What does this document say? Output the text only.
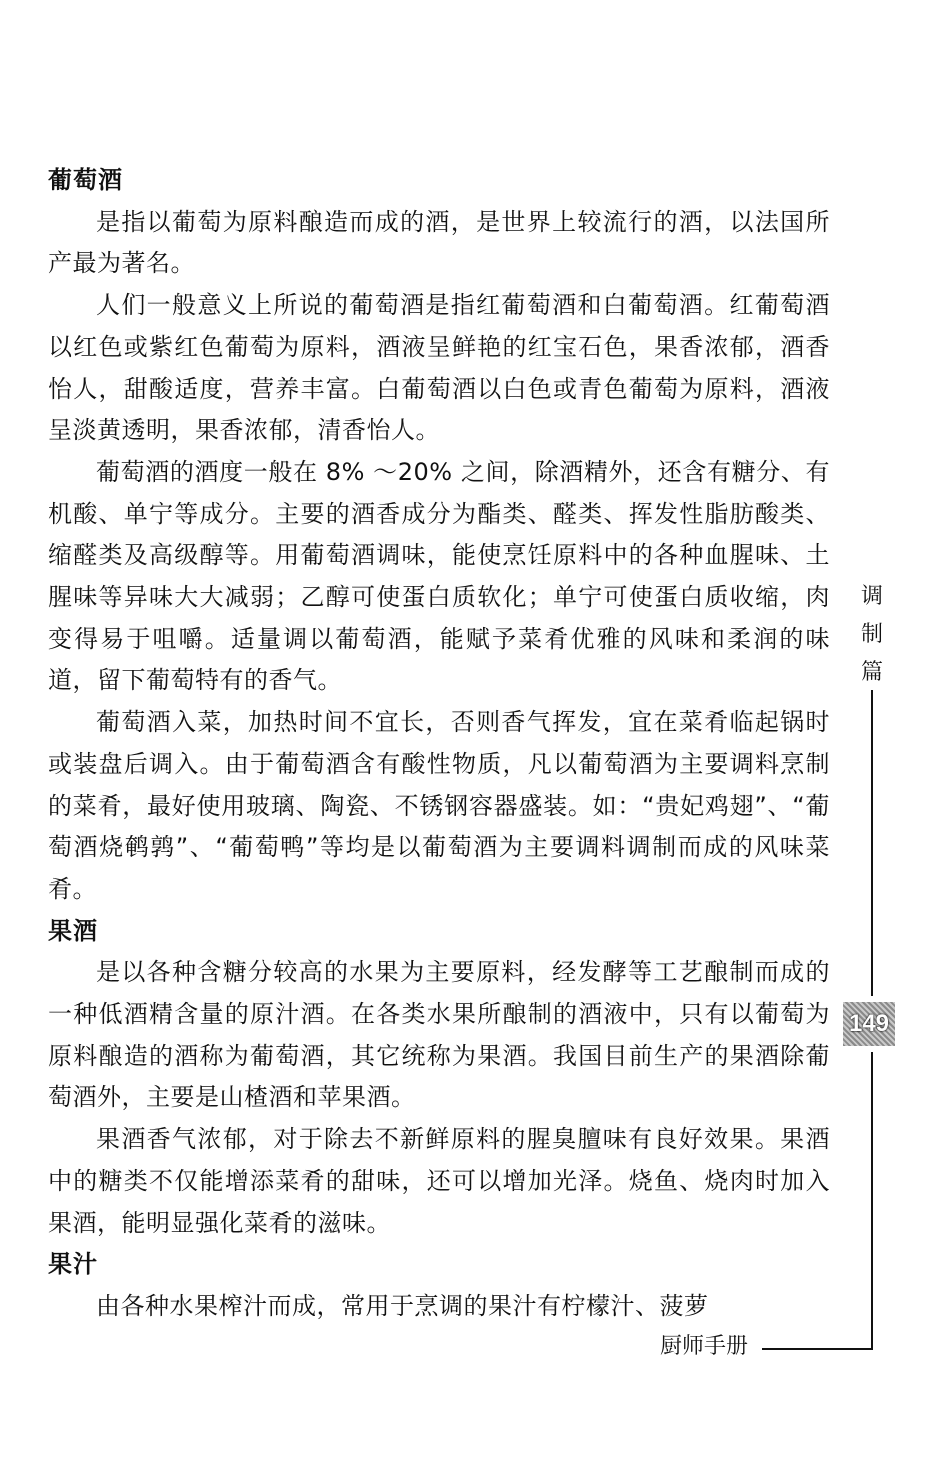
葡萄酒

是指以葡萄为原料酿造而成的酒，是世界上较流行的酒，以法国所产最为著名。

人们一般意义上所说的葡萄酒是指红葡萄酒和白葡萄酒。红葡萄酒以红色或紫红色葡萄为原料，酒液呈鲜艳的红宝石色，果香浓郁，酒香怡人，甜酸适度，营养丰富。白葡萄酒以白色或青色葡萄为原料，酒液呈淡黄透明，果香浓郁，清香怡人。

葡萄酒的酒度一般在 8% ～20% 之间，除酒精外，还含有糖分、有机酸、单宁等成分。主要的酒香成分为酯类、醛类、挥发性脂肪酸类、缩醛类及高级醇等。用葡萄酒调味，能使烹饪原料中的各种血腥味、土腥味等异味大大减弱；乙醇可使蛋白质软化；单宁可使蛋白质收缩，肉变得易于咀嚼。适量调以葡萄酒，能赋予菜肴优雅的风味和柔润的味道，留下葡萄特有的香气。

葡萄酒入菜，加热时间不宜长，否则香气挥发，宜在菜肴临起锅时或装盘后调入。由于葡萄酒含有酸性物质，凡以葡萄酒为主要调料烹制的菜肴，最好使用玻璃、陶瓷、不锈钢容器盛装。如：“贵妃鸡翅”、“葡萄酒烧鹌鹑”、“葡萄鸭”等均是以葡萄酒为主要调料调制而成的风味菜肴。

果酒

是以各种含糖分较高的水果为主要原料，经发酵等工艺酿制而成的一种低酒精含量的原汁酒。在各类水果所酿制的酒液中，只有以葡萄为原料酿造的酒称为葡萄酒，其它统称为果酒。我国目前生产的果酒除葡萄酒外，主要是山楂酒和苹果酒。

果酒香气浓郁，对于除去不新鲜原料的腥臭膻味有良好效果。果酒中的糖类不仅能增添菜肴的甜味，还可以增加光泽。烧鱼、烧肉时加入果酒，能明显强化菜肴的滋味。

果汁

由各种水果榨汁而成，常用于烹调的果汁有柠檬汁、菠萝

调
制
篇
149
厨师手册
